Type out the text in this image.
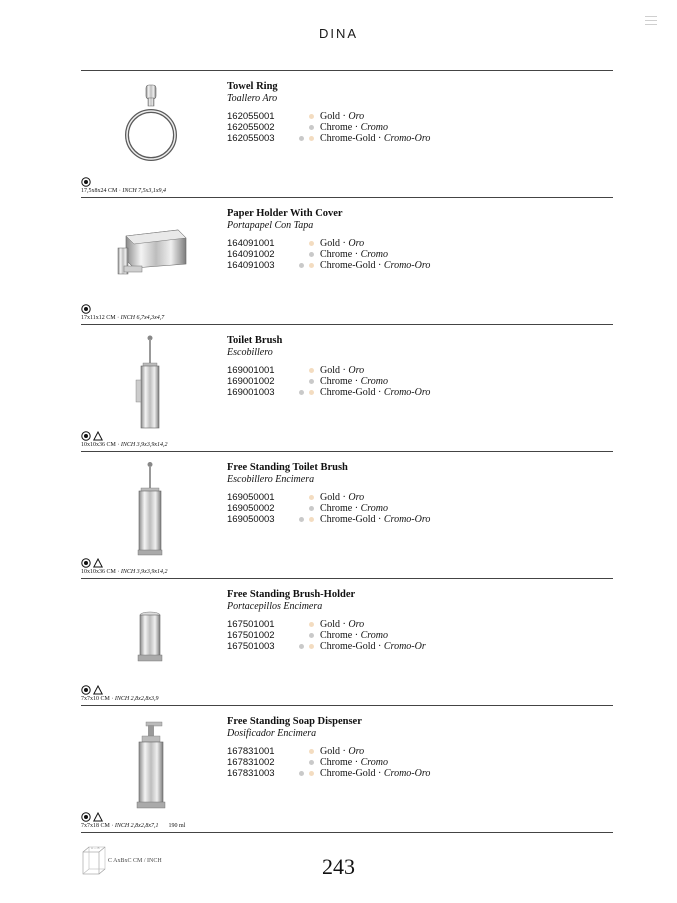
DINA
Towel Ring
Toallero Aro
162055001	Gold · Oro
162055002	Chrome · Cromo
162055003	Chrome-Gold · Cromo-Oro
17,5x8x24 CM · INCH 7,5x3,1x9,4
Paper Holder With Cover
Portapapel Con Tapa
164091001	Gold · Oro
164091002	Chrome · Cromo
164091003	Chrome-Gold · Cromo-Oro
17x11x12 CM · INCH 6,7x4,3x4,7
Toilet Brush
Escobillero
169001001	Gold · Oro
169001002	Chrome · Cromo
169001003	Chrome-Gold · Cromo-Oro
10x10x36 CM · INCH 3,9x3,9x14,2
Free Standing Toilet Brush
Escobillero Encimera
169050001	Gold · Oro
169050002	Chrome · Cromo
169050003	Chrome-Gold · Cromo-Oro
10x10x36 CM · INCH 3,9x3,9x14,2
Free Standing Brush-Holder
Portacepillos Encimera
167501001	Gold · Oro
167501002	Chrome · Cromo
167501003	Chrome-Gold · Cromo-Or
7x7x10 CM · INCH 2,8x2,8x3,9
Free Standing Soap Dispenser
Dosificador Encimera
167831001	Gold · Oro
167831002	Chrome · Cromo
167831003	Chrome-Gold · Cromo-Oro
7x7x18 CM · INCH 2,8x2,8x7,1 190 ml
A — B
C AxBxC CM / INCH	243
